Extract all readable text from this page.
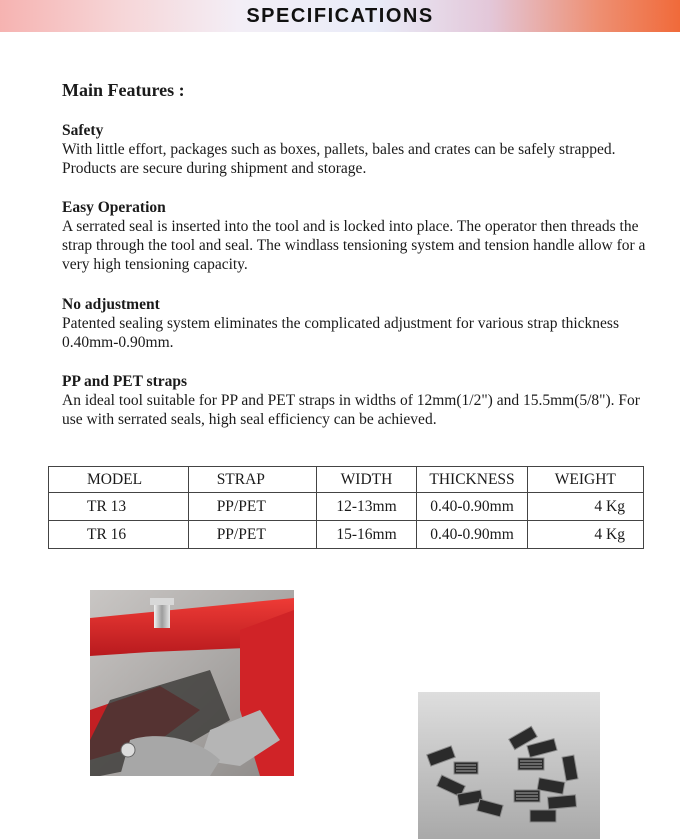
SPECIFICATIONS
Main Features :
Safety

With little effort, packages such as boxes, pallets, bales and crates can be safely strapped. Products are secure during shipment and storage.

Easy Operation

A serrated seal is inserted into the tool and is locked into place. The operator then threads the strap through the tool and seal. The windlass tensioning system and tension handle allow for a very high tensioning capacity.

No adjustment

Patented sealing system eliminates the complicated adjustment for various strap thickness 0.40mm-0.90mm.

PP and PET straps

An ideal tool suitable for PP and PET straps in widths of 12mm(1/2") and 15.5mm(5/8"). For use with serrated seals, high seal efficiency can be achieved.

MODEL	STRAP	WIDTH	THICKNESS	WEIGHT
TR 13	PP/PET	12-13mm	0.40-0.90mm	4 Kg
TR 16	PP/PET	15-16mm	0.40-0.90mm	4 Kg
